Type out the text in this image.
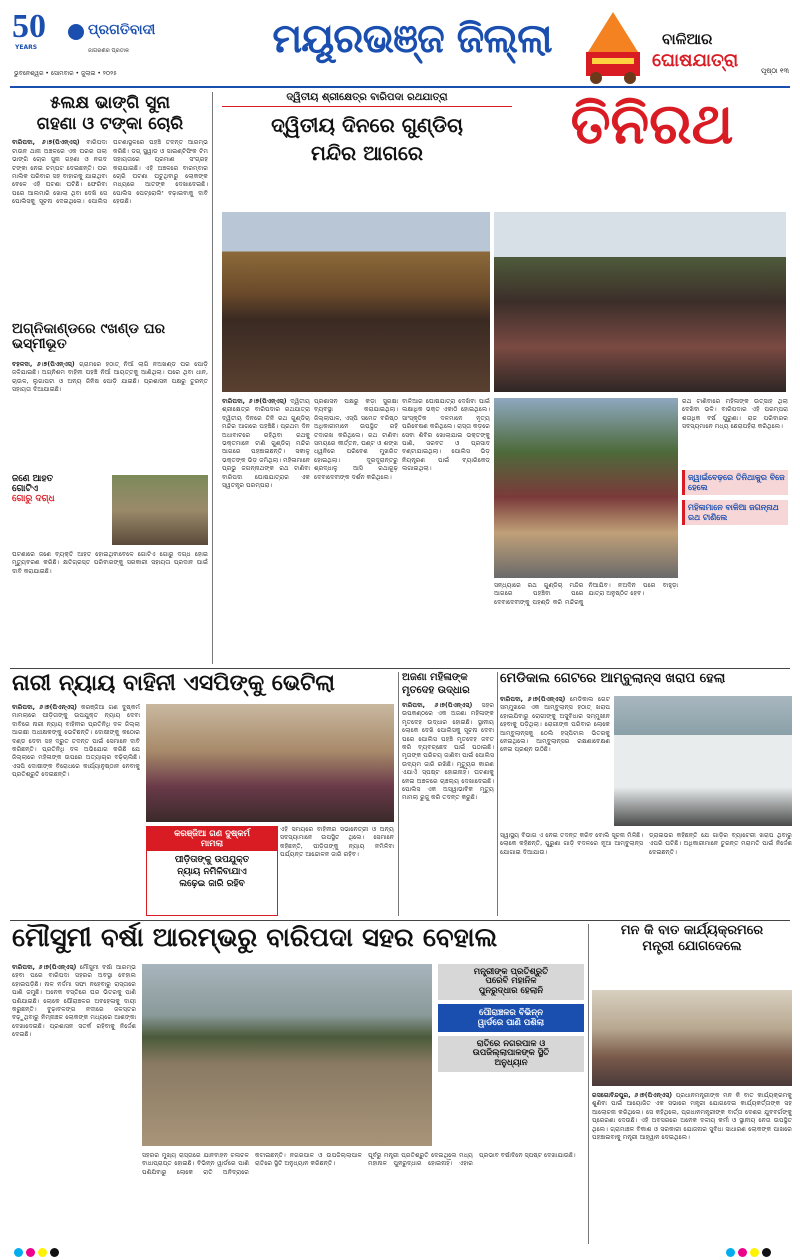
50
YEARS
ପ୍ରଗତିବାଦୀ
ଜାଗରଣର ପ୍ରତୀକ
ଭୁବନେଶ୍ୱର • ସୋମବାର • ଜୁଲାଇ • ୨୦୨୫
ମୟୂରଭଞ୍ଜ ଜିଲ୍ଲା	ବାଳିଆର
ଘୋଷଯାତ୍ରା	ପୃଷ୍ଠା ୧୩
୫ଲକ୍ଷ ଭାଙ୍ଗି ସୁନା
ଗହଣା ଓ ଟଙ୍କା ଚୋରି
ବାରିପଦା, ୬।୭(ପିଏନ୍‌ଏସ୍‌) ବାରିପଦା ଟାଉନ ଥାନା ଅଞ୍ଚଳରେ ଏକ ଘରର ତାଲା ଭାଙ୍ଗି ଚୋର ସୁନା ଗହଣା ଓ ନଗଦ ଟଙ୍କା ନେଇ ଚମ୍ପଟ ଦେଇଛନ୍ତି। ଘର ମାଲିକ ପରିବାର ସହ ବାହାରକୁ ଯାଇଥିବା ବେଳେ ଏହି ଘଟଣା ଘଟିଛି। ଫେରିବା ପରେ ଆଲମାରି ଖୋଲା ଥିବା ଦେଖି ସେ ପୋଲିସକୁ ସୂଚନା ଦେଇଥିଲେ। ପୋଲିସ ଘଟଣାସ୍ଥଳରେ ପହଞ୍ଚି ତଦନ୍ତ ଆରମ୍ଭ କରିଛି। ଡଗ୍ ସ୍କ୍ୱାଡ ଓ ସାଇଣ୍ଟିଫିକ ଟିମ ସହାୟତାରେ ପ୍ରମାଣ ସଂଗ୍ରହ କରାଯାଇଛି। ଏହି ଅଞ୍ଚଳରେ ବାରମ୍ବାର ଚୋରି ଘଟଣା ଘଟୁଥିବାରୁ ଲୋକଙ୍କ ମଧ୍ୟରେ ଆତଙ୍କ ଦେଖାଦେଇଛି। ପୋଲିସ ପେଟ୍ରୋଲିଂ ବଢ଼ାଇବାକୁ ଦାବି ହେଉଛି।
ଅଗ୍ନିକାଣ୍ଡରେ ୯ଖଣ୍ଡ ଘର ଭସ୍ମୀଭୂତ
ବହଳଦା, ୬।୭(ପିଏନ୍‌ଏସ୍‌) ଗ୍ରାମରେ ହଠାତ୍ ନିଆଁ ଲାଗି ନଅଖଣ୍ଡ ଘର ପୋଡ଼ି ଜଳିଯାଇଛି। ଅଗ୍ନିଶମ ବାହିନୀ ପହଞ୍ଚି ନିଆଁ ଆୟତ୍ତକୁ ଆଣିଥିଲା। ଘରେ ଥିବା ଧାନ, ଚାଉଳ, ଲୁଗାପଟା ଓ ଅନ୍ୟ ଜିନିଷ ପୋଡ଼ି ଯାଇଛି। ପ୍ରଶାସନ ପକ୍ଷରୁ ତୁରନ୍ତ ସହାୟତା ଦିଆଯାଇଛି।
ଜଣେ ଆହତ
ଗୋଟିଏ
ଗୋରୁ ଦଗ୍ଧ
ଘଟଣାରେ ଜଣେ ବ୍ୟକ୍ତି ଆହତ ହୋଇଥିବାବେଳେ ଗୋଟିଏ ଗୋରୁ ଦଗ୍ଧ ହୋଇ ମୃତ୍ୟୁବରଣ କରିଛି। କ୍ଷତିଗ୍ରସ୍ତ ପରିବାରଙ୍କୁ ସରକାରୀ ସହାୟତା ପ୍ରଦାନ ପାଇଁ ଦାବି କରାଯାଇଛି।
ଦ୍ୱିତୀୟ ଶ୍ରୀକ୍ଷେତ୍ର ବାରିପଦା ରଥଯାତ୍ରା
ଦ୍ୱିତୀୟ ଦିନରେ ଗୁଣ୍ଡିଚା
ମନ୍ଦିର ଆଗରେ	ତିନିରଥ
ବାରିପଦା, ୬।୭(ପିଏନ୍‌ଏସ୍‌) ଦ୍ୱିତୀୟ ଶ୍ରୀକ୍ଷେତ୍ର ବାରିପଦାର ରଥଯାତ୍ରା ଦ୍ୱିତୀୟ ଦିନରେ ତିନି ରଥ ଗୁଣ୍ଡିଚା ମନ୍ଦିର ଆଗରେ ପହଞ୍ଚିଛି। ପ୍ରଥମ ଦିନ ଅଧାବାଟରେ ରହିଥିବା ରଥକୁ ଭକ୍ତମାନେ ଟାଣି ଗୁଣ୍ଡିଚା ମନ୍ଦିର ଆଗରେ ପହଞ୍ଚାଇଛନ୍ତି। ସକାଳୁ ଭକ୍ତଙ୍କ ଭିଡ଼ ଜମିଥିଲା। ମହିଳାମାନେ ପ୍ରଭୁ ଜଗନ୍ନାଥଙ୍କ ରଥ ଟାଣିବା ବାରିପଦା ଘୋଷଯାତ୍ରାର ଏକ ସ୍ୱତନ୍ତ୍ର ପରମ୍ପରା।
ପ୍ରଶାସନ ପକ୍ଷରୁ କଡ଼ା ସୁରକ୍ଷା ବ୍ୟବସ୍ଥା କରାଯାଇଥିଲା। ଜିଲ୍ଲାପାଳ, ଏସ୍‌ପି ସମେତ ବରିଷ୍ଠ ଅଧିକାରୀମାନେ ଉପସ୍ଥିତ ରହି ତଦାରଖ କରିଥିଲେ। ରଥ ଟାଣିବା ସମୟରେ କୀର୍ତ୍ତନ, ଘଣ୍ଟ ଓ ଶଙ୍ଖ ଧ୍ୱନିରେ ପରିବେଶ ମୁଖରିତ ହୋଇଥିଲା। ଦୂରଦୂରାନ୍ତରୁ ଶ୍ରଦ୍ଧାଳୁ ଆସି ରଥାରୂଢ଼ ଦେବାଦେବୀଙ୍କ ଦର୍ଶନ କରିଥିଲେ।
ବାଳିଆର ଘୋଷଯାତ୍ରା ଦେଖିବା ପାଇଁ ଲକ୍ଷାଧିକ ଭକ୍ତ ଏକାଠି ହୋଇଥିଲେ। ସାଂସ୍କୃତିକ ଦଳମାନେ ନୃତ୍ୟ ପରିବେଷଣ କରିଥିଲେ। ରାସ୍ତା କଡ଼ରେ ସେବା ଶିବିର ଖୋଲାଯାଇ ଭକ୍ତଙ୍କୁ ପାଣି, ସରବତ ଓ ପ୍ରସାଦ ବଣ୍ଟାଯାଇଥିଲା। ପୋଲିସ ଭିଡ଼ ନିୟନ୍ତ୍ରଣ ପାଇଁ ବ୍ୟାରିକେଡ୍ ଲଗାଇଥିଲା।
ସନ୍ଧ୍ୟାରେ ରଥ ଗୁଣ୍ଡିଚା ମନ୍ଦିର ଆଗରେ ପହଞ୍ଚିବା ପରେ ଦେବାଦେବୀଙ୍କୁ ପହଣ୍ଡି କରି ମନ୍ଦିରକୁ ନିଆଯିବ। ନଅଦିନ ପରେ ବାହୁଡ଼ା ଯାତ୍ରା ଅନୁଷ୍ଠିତ ହେବ।
ରଥ ଟାଣିବାରେ ମହିଳାଙ୍କ ଉତ୍ସାହ ଥିଲା ଦେଖିବା ଭଳି। ବାରିପଦାର ଏହି ପରମ୍ପରା ଶତାଧିକ ବର୍ଷ ପୁରୁଣା। ରାଜ ପରିବାରର ସଦସ୍ୟମାନେ ମଧ୍ୟ ଛେରାପହଁରା କରିଥିଲେ।
ଜ୍ୱାଇଁବେଢ଼ରେ ତିନିଥାକୁର ବିଜେ ହେଲେ
ମହିଳାମାନେ ବାଳିଆ ଜଗନ୍ନାଥ ରଥ ଟାଣିଲେ
ନାରୀ ନ୍ୟାୟ ବାହିନୀ ଏସପିଙ୍କୁ ଭେଟିଲା
ବାରିପଦା, ୬।୭(ପିଏନ୍‌ଏସ୍‌) କରଞ୍ଜିଆ ଗଣ ଦୁଷ୍କର୍ମ ମାମଲାରେ ପୀଡ଼ିତାଙ୍କୁ ଉପଯୁକ୍ତ ନ୍ୟାୟ ଦେବା ଦାବିରେ ନାରୀ ନ୍ୟାୟ ବାହିନୀର ପ୍ରତିନିଧି ଦଳ ଜିଲ୍ଲା ଆରକ୍ଷୀ ଅଧୀକ୍ଷକଙ୍କୁ ଭେଟିଛନ୍ତି। ଦୋଷୀଙ୍କୁ କଠୋର ଦଣ୍ଡ ଦେବା ସହ ଦ୍ରୁତ ତଦନ୍ତ ପାଇଁ ସେମାନେ ଦାବି କରିଛନ୍ତି। ପ୍ରତିନିଧି ଦଳ ଅଭିଯୋଗ କରିଛି ଯେ ଜିଲ୍ଲାରେ ମହିଳାଙ୍କ ଉପରେ ଅତ୍ୟାଚାର ବଢ଼ିଚାଲିଛି। ଏସପି ଦୋଷୀଙ୍କ ବିରୋଧରେ କାର୍ଯ୍ୟାନୁଷ୍ଠାନ ନେବାକୁ ପ୍ରତିଶ୍ରୁତି ଦେଇଛନ୍ତି।
କରଞ୍ଜିଆ ଗଣ ଦୁଷ୍କର୍ମ
ମାମଲା
ପୀଡ଼ିତାଙ୍କୁ ଉପଯୁକ୍ତ
ନ୍ୟାୟ ନମିଳିବାଯାଏ
ଲଢ଼େଇ ଜାରି ରହିବ
ଏହି ସମୟରେ ବାହିନୀର ସଭାନେତ୍ରୀ ଓ ଅନ୍ୟ ସଦସ୍ୟାମାନେ ଉପସ୍ଥିତ ଥିଲେ। ସେମାନେ କହିଛନ୍ତି, ପୀଡ଼ିତାଙ୍କୁ ନ୍ୟାୟ ନମିଳିବା ପର୍ଯ୍ୟନ୍ତ ଆନ୍ଦୋଳନ ଜାରି ରହିବ।
ଅଜଣା ମହିଳାଙ୍କ
ମୃତଦେହ ଉଦ୍ଧାର
ବାରିପଦା, ୬।୭(ପିଏନ୍‌ଏସ୍‌) ସହର ଉପକଣ୍ଠରେ ଏକ ଅଜଣା ମହିଳାଙ୍କ ମୃତଦେହ ଉଦ୍ଧାର ହୋଇଛି। ସ୍ଥାନୀୟ ଲୋକେ ଦେଖି ପୋଲିସକୁ ସୂଚନା ଦେବା ପରେ ପୋଲିସ ପହଞ୍ଚି ମୃତଦେହ ଜବତ କରି ବ୍ୟବଚ୍ଛେଦ ପାଇଁ ପଠାଇଛି। ମୃତାଙ୍କ ପରିଚୟ ଜାଣିବା ପାଇଁ ପୋଲିସ ଉଦ୍ୟମ ଜାରି ରଖିଛି। ମୃତ୍ୟୁର କାରଣ ଏଯାଏଁ ସ୍ପଷ୍ଟ ହୋଇନାହିଁ। ଘଟଣାକୁ ନେଇ ଅଞ୍ଚଳରେ ଚାଞ୍ଚଲ୍ୟ ଦେଖାଦେଇଛି। ପୋଲିସ ଏକ ଅସ୍ୱାଭାବିକ ମୃତ୍ୟୁ ମାମଲା ରୁଜୁ କରି ତଦନ୍ତ କରୁଛି।
ମେଡିକାଲ ଗେଟରେ ଆମ୍ବୁଲାନ୍ସ ଖରାପ ହେଲା
ବାରିପଦା, ୬।୭(ପିଏନ୍‌ଏସ୍‌) ମେଡିକାଲ ଗେଟ ସମ୍ମୁଖରେ ଏକ ଆମ୍ବୁଲାନ୍ସ ହଠାତ୍ ଖରାପ ହୋଇଯିବାରୁ ରୋଗୀଙ୍କୁ ଅସୁବିଧାର ସମ୍ମୁଖୀନ ହେବାକୁ ପଡ଼ିଥିଲା। ରୋଗୀଙ୍କ ପରିବାର ଲୋକେ ଆମ୍ବୁଲାନ୍ସକୁ ଠେଲି ହସ୍ପିଟାଲ ଭିତରକୁ ନେଇଥିଲେ। ଆମ୍ବୁଲାନ୍ସର ରକ୍ଷଣାବେକ୍ଷଣ ନେଇ ପ୍ରଶ୍ନ ଉଠିଛି।
ସ୍ୱାସ୍ଥ୍ୟ ବିଭାଗ ଏ ନେଇ ତଦନ୍ତ କରିବ ବୋଲି ସୂଚନା ମିଳିଛି। ଲୋକେ କହିଛନ୍ତି, ପୁରୁଣା ଗାଡ଼ି ବଦଳରେ ନୂଆ ଆମ୍ବୁଲାନ୍ସ ଯୋଗାଇ ଦିଆଯାଉ।
ଡ୍ରାଇଭର କହିଛନ୍ତି ଯେ ଗାଡ଼ିର ବ୍ୟାଟେରୀ ଖରାପ ଥିବାରୁ ଏପରି ଘଟିଛି। ଅଧିକାରୀମାନେ ତୁରନ୍ତ ମରାମତି ପାଇଁ ନିର୍ଦ୍ଦେଶ ଦେଇଛନ୍ତି।
ମୌସୁମୀ ବର୍ଷା ଆରମ୍ଭରୁ ବାରିପଦା ସହର ବେହାଲ
ବାରିପଦା, ୬।୭(ପିଏନ୍‌ଏସ୍‌) ମୌସୁମୀ ବର୍ଷା ଆରମ୍ଭ ହେବା ପରେ ବାରିପଦା ସହରର ଅବସ୍ଥା ବେହାଲ ହୋଇପଡ଼ିଛି। ନାଳ ନର୍ଦ୍ଦମା ସଫା ନହେବାରୁ ରାସ୍ତାରେ ପାଣି ଜମୁଛି। ଅନେକ ବସ୍ତିରେ ଘର ଭିତରକୁ ପାଣି ପଶିଯାଇଛି। ଲୋକେ ପୌରାଞ୍ଚଳର ଅବହେଳାକୁ ଦାୟୀ କରୁଛନ୍ତି। ବୁଢ଼ାବଳଙ୍ଗ ନଦୀରେ ଜଳସ୍ତର ବଢ଼ୁଥିବାରୁ ନିମ୍ନାଞ୍ଚଳ ଲୋକଙ୍କ ମଧ୍ୟରେ ଆଶଙ୍କା ଦେଖାଦେଇଛି। ପ୍ରଶାସନ ସତର୍କ ରହିବାକୁ ନିର୍ଦ୍ଦେଶ ଦେଇଛି।
ମନ୍ତ୍ରୀଙ୍କ ପ୍ରତିଶ୍ରୁତି
ପରେବି ମହାନିଳ
ପୁନରୁଦ୍ଧାର ହେଲାନି
ପୌରାଞ୍ଚଳର ବିଭିନ୍ନ
ୱାର୍ଡରେ ପାଣି ପଶିଲା
ରାତିରେ ନଗରପାଳ ଓ
ଉପଜିଲ୍ଲାପାଳଙ୍କ ସ୍ଥିତି
ଅନୁଧ୍ୟାନ
ସହରର ମୁଖ୍ୟ ରାସ୍ତାରେ ଯାନବାହନ ଚଳାଚଳ ବାଧାପ୍ରାପ୍ତ ହୋଇଛି। ବିଭିନ୍ନ ୱାର୍ଡରେ ପାଣି ପଶିଯିବାରୁ ଲୋକେ ରାତି ଅନିଦ୍ରାରେ କଟାଇଛନ୍ତି। ନଗରପାଳ ଓ ଉପଜିଲ୍ଲାପାଳ ରାତିରେ ସ୍ଥିତି ଅନୁଧ୍ୟାନ କରିଛନ୍ତି।
ପୂର୍ବରୁ ମନ୍ତ୍ରୀ ପ୍ରତିଶ୍ରୁତି ଦେଇଥିଲେ ମଧ୍ୟ ମହାନାଳ ପୁନରୁଦ୍ଧାର ହୋଇନାହିଁ। ଏହାର ପ୍ରଭାବ ବର୍ଷାଦିନେ ସ୍ପଷ୍ଟ ଦେଖାଯାଉଛି।
ମନ କି ବାତ କାର୍ଯ୍ୟକ୍ରମରେ
ମନ୍ତ୍ରୀ ଯୋଗଦେଲେ
ରସଗୋବିନ୍ଦପୁର, ୬।୭(ପିଏନ୍‌ଏସ୍‌) ପ୍ରଧାନମନ୍ତ୍ରୀଙ୍କ ମନ କି ବାତ କାର୍ଯ୍ୟକ୍ରମକୁ ଶୁଣିବା ପାଇଁ ଆୟୋଜିତ ଏକ ସଭାରେ ମନ୍ତ୍ରୀ ଯୋଗଦେଇ କାର୍ଯ୍ୟକର୍ତ୍ତାଙ୍କ ସହ ଆଲୋଚନା କରିଥିଲେ। ସେ କହିଥିଲେ, ପ୍ରଧାନମନ୍ତ୍ରୀଙ୍କ ବାର୍ତ୍ତା ଦେଶର ଯୁବବର୍ଗଙ୍କୁ ପ୍ରେରଣା ଦେଉଛି। ଏହି ଅବସରରେ ଅନେକ ଦଳୀୟ କର୍ମୀ ଓ ସ୍ଥାନୀୟ ନେତା ଉପସ୍ଥିତ ଥିଲେ। ଗ୍ରାମାଞ୍ଚଳ ବିକାଶ ଓ ସରକାରୀ ଯୋଜନାର ସୁବିଧା ସାଧାରଣ ଲୋକଙ୍କ ପାଖରେ ପହଞ୍ଚାଇବାକୁ ମନ୍ତ୍ରୀ ଆହ୍ୱାନ ଦେଇଥିଲେ।
